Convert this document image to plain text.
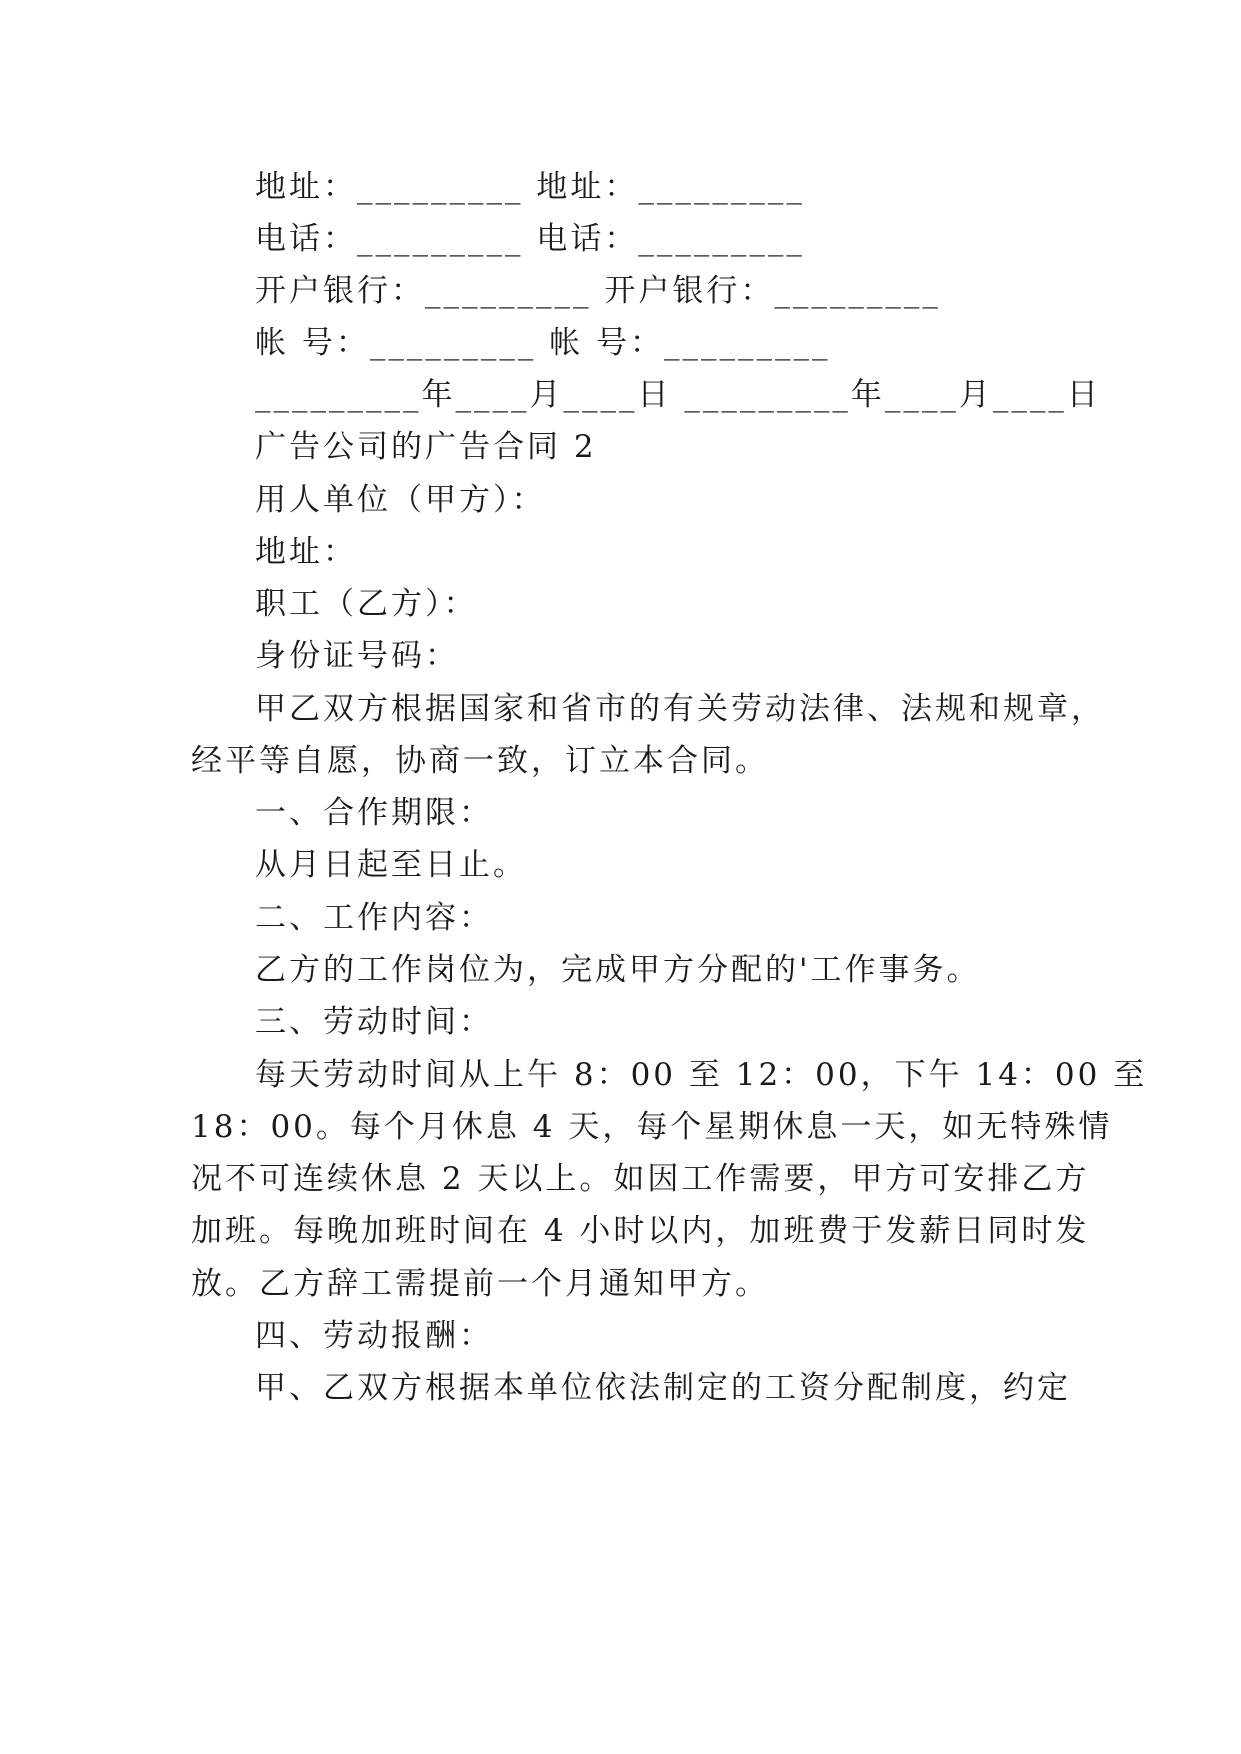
地址：_________ 地址：_________
电话：_________ 电话：_________
开户银行：_________ 开户银行：_________
帐 号：_________ 帐 号：_________
_________年____月____日 _________年____月____日
广告公司的广告合同 2
用人单位（甲方）：
地址：
职工（乙方）：
身份证号码：
甲乙双方根据国家和省市的有关劳动法律、法规和规章，
经平等自愿，协商一致，订立本合同。
一、合作期限：
从月日起至日止。
二、工作内容：
乙方的工作岗位为，完成甲方分配的'工作事务。
三、劳动时间：
每天劳动时间从上午 8：00 至 12：00，下午 14：00 至
18：00。每个月休息 4 天，每个星期休息一天，如无特殊情
况不可连续休息 2 天以上。如因工作需要，甲方可安排乙方
加班。每晚加班时间在 4 小时以内，加班费于发薪日同时发
放。乙方辞工需提前一个月通知甲方。
四、劳动报酬：
甲、乙双方根据本单位依法制定的工资分配制度，约定
